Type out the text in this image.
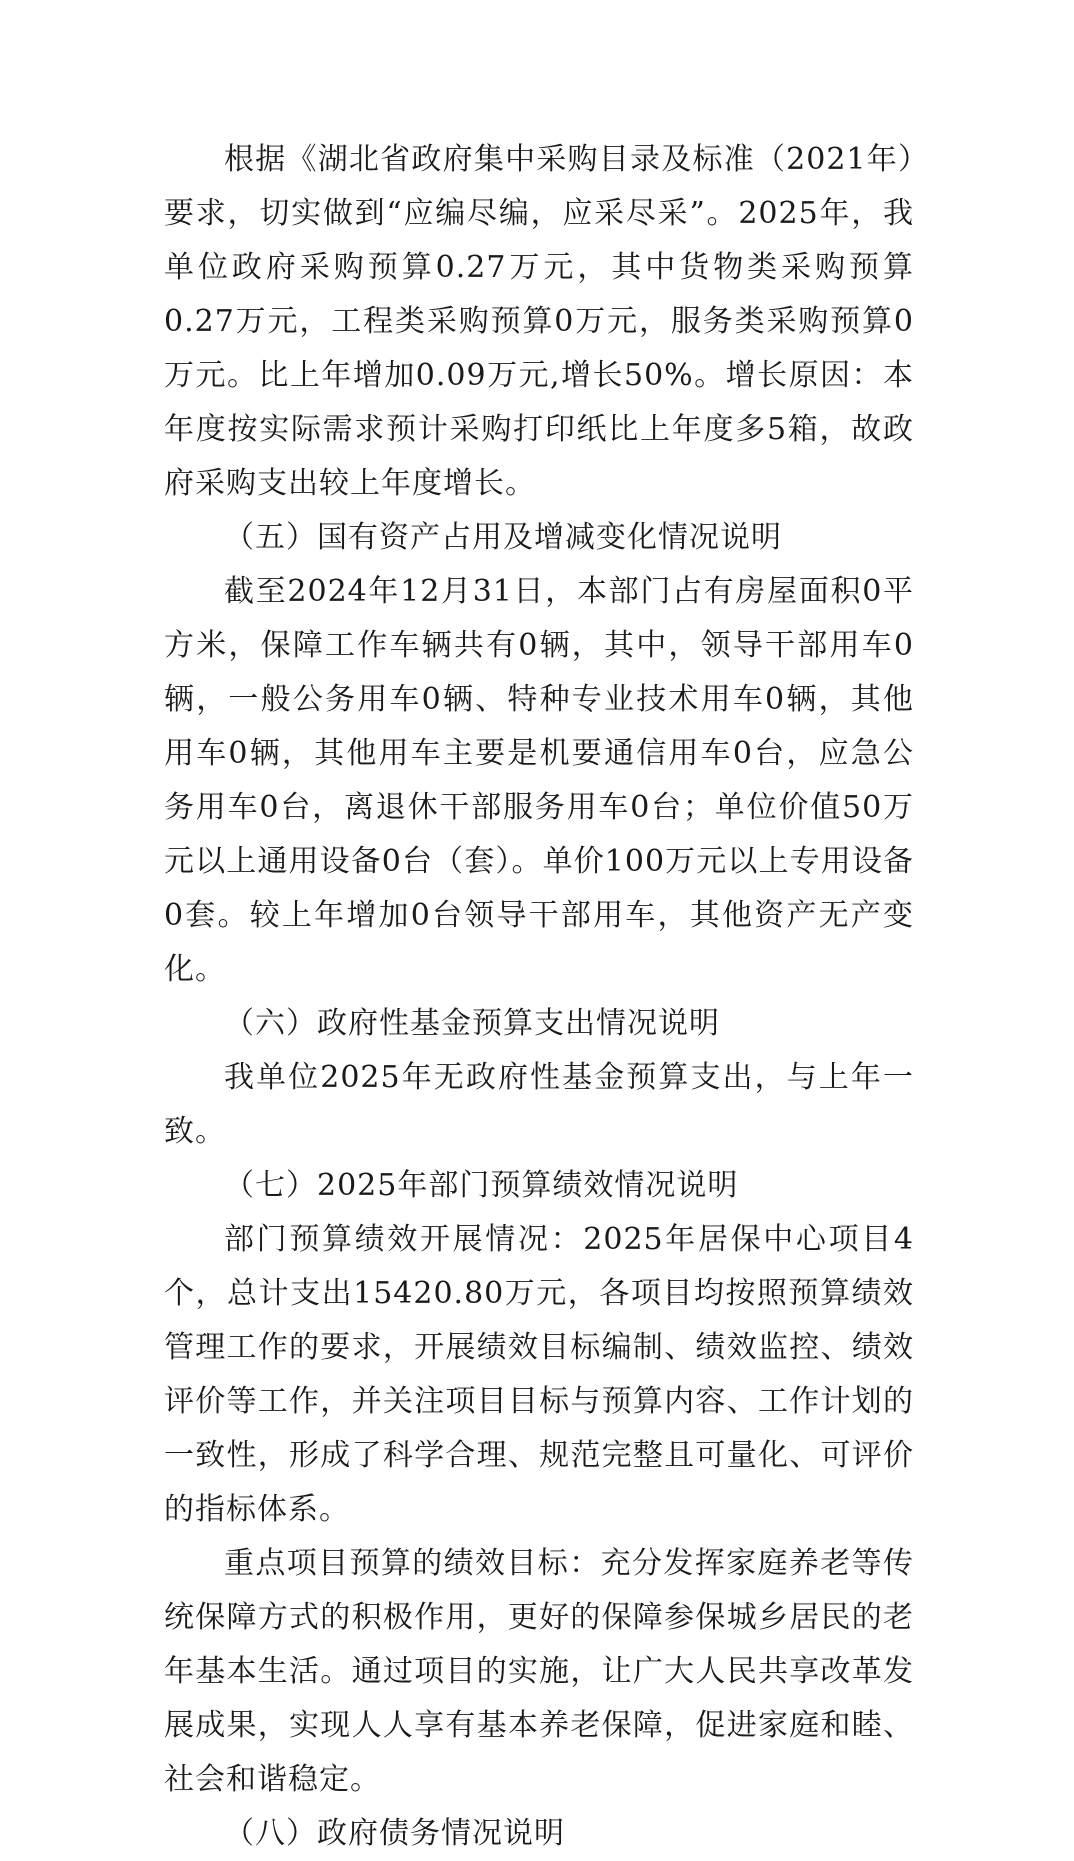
根据《湖北省政府集中采购目录及标准（2021年）要求，切实做到“应编尽编，应采尽采”。2025年，我单位政府采购预算0.27万元，其中货物类采购预算0.27万元，工程类采购预算0万元，服务类采购预算0万元。比上年增加0.09万元,增长50%。增长原因：本年度按实际需求预计采购打印纸比上年度多5箱，故政府采购支出较上年度增长。

（五）国有资产占用及增减变化情况说明

截至2024年12月31日，本部门占有房屋面积0平方米，保障工作车辆共有0辆，其中，领导干部用车0辆，一般公务用车0辆、特种专业技术用车0辆，其他用车0辆，其他用车主要是机要通信用车0台，应急公务用车0台，离退休干部服务用车0台；单位价值50万元以上通用设备0台（套）。单价100万元以上专用设备0套。较上年增加0台领导干部用车，其他资产无产变化。

（六）政府性基金预算支出情况说明

我单位2025年无政府性基金预算支出，与上年一致。

（七）2025年部门预算绩效情况说明

部门预算绩效开展情况：2025年居保中心项目4个，总计支出15420.80万元，各项目均按照预算绩效管理工作的要求，开展绩效目标编制、绩效监控、绩效评价等工作，并关注项目目标与预算内容、工作计划的一致性，形成了科学合理、规范完整且可量化、可评价的指标体系。

重点项目预算的绩效目标：充分发挥家庭养老等传统保障方式的积极作用，更好的保障参保城乡居民的老年基本生活。通过项目的实施，让广大人民共享改革发展成果，实现人人享有基本养老保障，促进家庭和睦、社会和谐稳定。

（八）政府债务情况说明
